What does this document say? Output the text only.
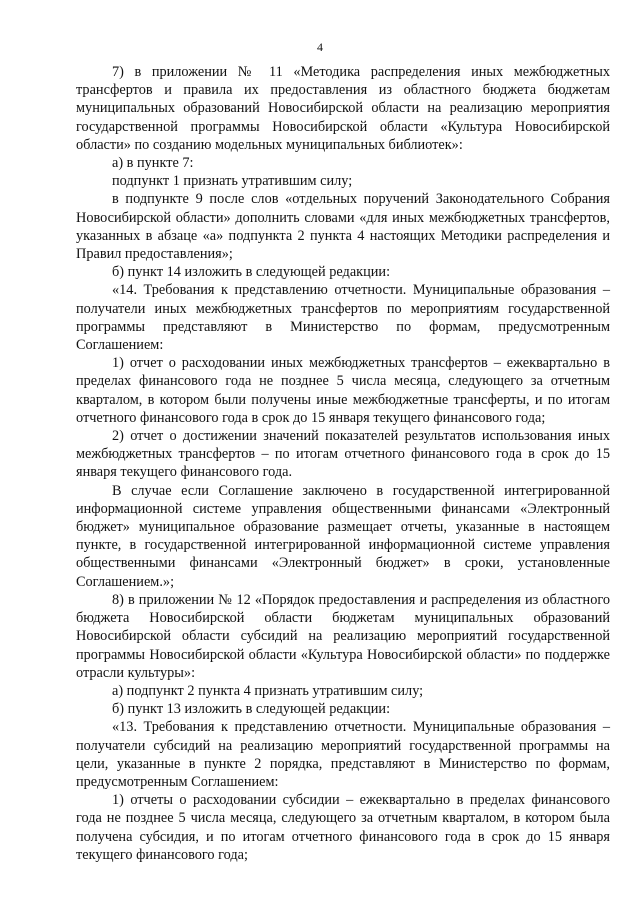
4

7) в приложении № 11 «Методика распределения иных межбюджетных трансфертов и правила их предоставления из областного бюджета бюджетам муниципальных образований Новосибирской области на реализацию мероприятия государственной программы Новосибирской области «Культура Новосибирской области» по созданию модельных муниципальных библиотек»:

а) в пункте 7:

подпункт 1 признать утратившим силу;

в подпункте 9 после слов «отдельных поручений Законодательного Собрания Новосибирской области» дополнить словами «для иных межбюджетных трансфертов, указанных в абзаце «а» подпункта 2 пункта 4 настоящих Методики распределения и Правил предоставления»;

б) пункт 14 изложить в следующей редакции:

«14. Требования к представлению отчетности. Муниципальные образования – получатели иных межбюджетных трансфертов по мероприятиям государственной программы представляют в Министерство по формам, предусмотренным Соглашением:

1) отчет о расходовании иных межбюджетных трансфертов – ежеквартально в пределах финансового года не позднее 5 числа месяца, следующего за отчетным кварталом, в котором были получены иные межбюджетные трансферты, и по итогам отчетного финансового года в срок до 15 января текущего финансового года;

2) отчет о достижении значений показателей результатов использования иных межбюджетных трансфертов – по итогам отчетного финансового года в срок до 15 января текущего финансового года.

В случае если Соглашение заключено в государственной интегрированной информационной системе управления общественными финансами «Электронный бюджет» муниципальное образование размещает отчеты, указанные в настоящем пункте, в государственной интегрированной информационной системе управления общественными финансами «Электронный бюджет» в сроки, установленные Соглашением.»;

8) в приложении № 12 «Порядок предоставления и распределения из областного бюджета Новосибирской области бюджетам муниципальных образований Новосибирской области субсидий на реализацию мероприятий государственной программы Новосибирской области «Культура Новосибирской области» по поддержке отрасли культуры»:

а) подпункт 2 пункта 4 признать утратившим силу;

б) пункт 13 изложить в следующей редакции:

«13. Требования к представлению отчетности. Муниципальные образования – получатели субсидий на реализацию мероприятий государственной программы на цели, указанные в пункте 2 порядка, представляют в Министерство по формам, предусмотренным Соглашением:

1) отчеты о расходовании субсидии – ежеквартально в пределах финансового года не позднее 5 числа месяца, следующего за отчетным кварталом, в котором была получена субсидия, и по итогам отчетного финансового года в срок до 15 января текущего финансового года;
